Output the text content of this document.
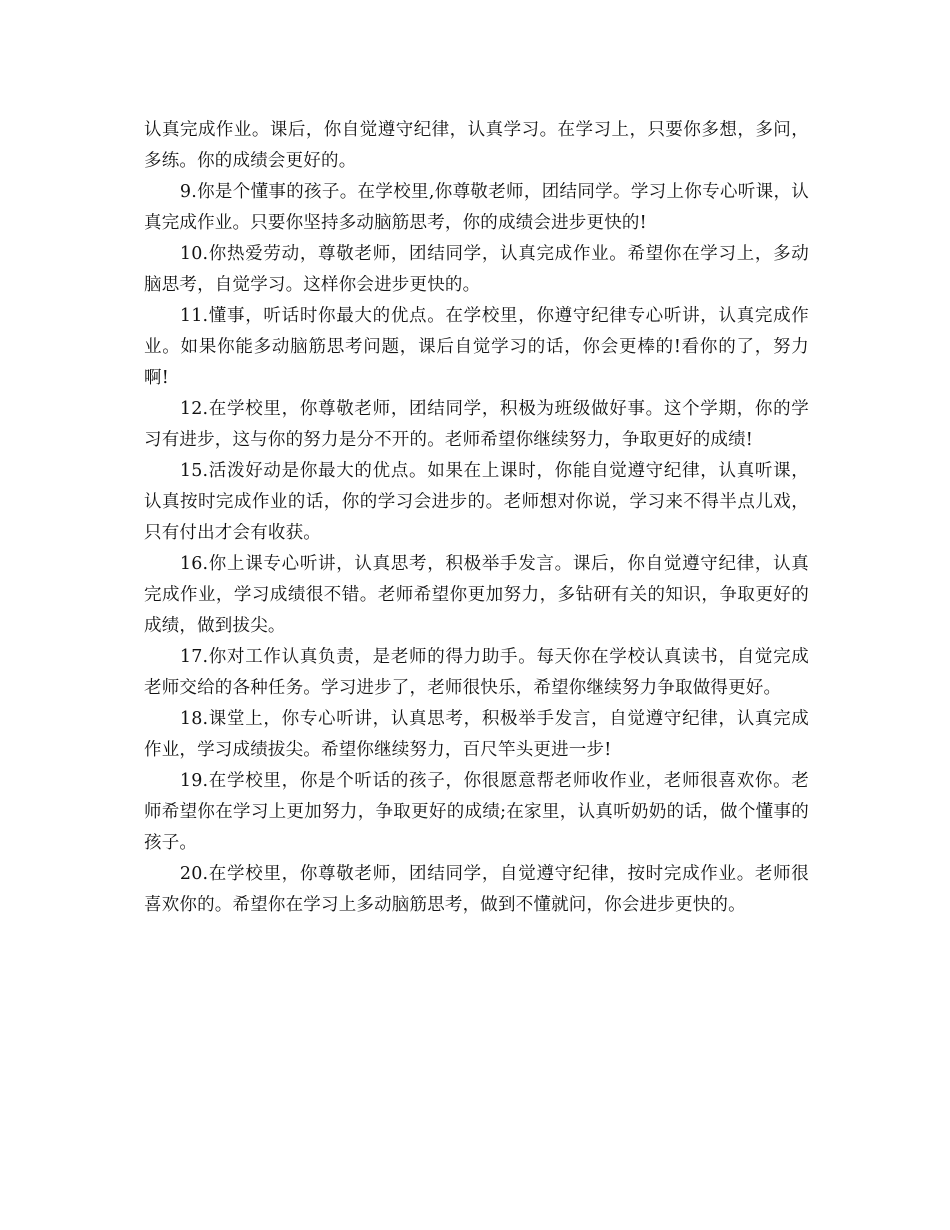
认真完成作业。课后，你自觉遵守纪律，认真学习。在学习上，只要你多想，多问，多练。你的成绩会更好的。

9.你是个懂事的孩子。在学校里,你尊敬老师，团结同学。学习上你专心听课，认真完成作业。只要你坚持多动脑筋思考，你的成绩会进步更快的!

10.你热爱劳动，尊敬老师，团结同学，认真完成作业。希望你在学习上，多动脑思考，自觉学习。这样你会进步更快的。

11.懂事，听话时你最大的优点。在学校里，你遵守纪律专心听讲，认真完成作业。如果你能多动脑筋思考问题，课后自觉学习的话，你会更棒的!看你的了，努力啊!

12.在学校里，你尊敬老师，团结同学，积极为班级做好事。这个学期，你的学习有进步，这与你的努力是分不开的。老师希望你继续努力，争取更好的成绩!

15.活泼好动是你最大的优点。如果在上课时，你能自觉遵守纪律，认真听课，认真按时完成作业的话，你的学习会进步的。老师想对你说，学习来不得半点儿戏，只有付出才会有收获。

16.你上课专心听讲，认真思考，积极举手发言。课后，你自觉遵守纪律，认真完成作业，学习成绩很不错。老师希望你更加努力，多钻研有关的知识，争取更好的成绩，做到拔尖。

17.你对工作认真负责，是老师的得力助手。每天你在学校认真读书，自觉完成老师交给的各种任务。学习进步了，老师很快乐，希望你继续努力争取做得更好。

18.课堂上，你专心听讲，认真思考，积极举手发言，自觉遵守纪律，认真完成作业，学习成绩拔尖。希望你继续努力，百尺竿头更进一步!

19.在学校里，你是个听话的孩子，你很愿意帮老师收作业，老师很喜欢你。老师希望你在学习上更加努力，争取更好的成绩;在家里，认真听奶奶的话，做个懂事的孩子。

20.在学校里，你尊敬老师，团结同学，自觉遵守纪律，按时完成作业。老师很喜欢你的。希望你在学习上多动脑筋思考，做到不懂就问，你会进步更快的。
